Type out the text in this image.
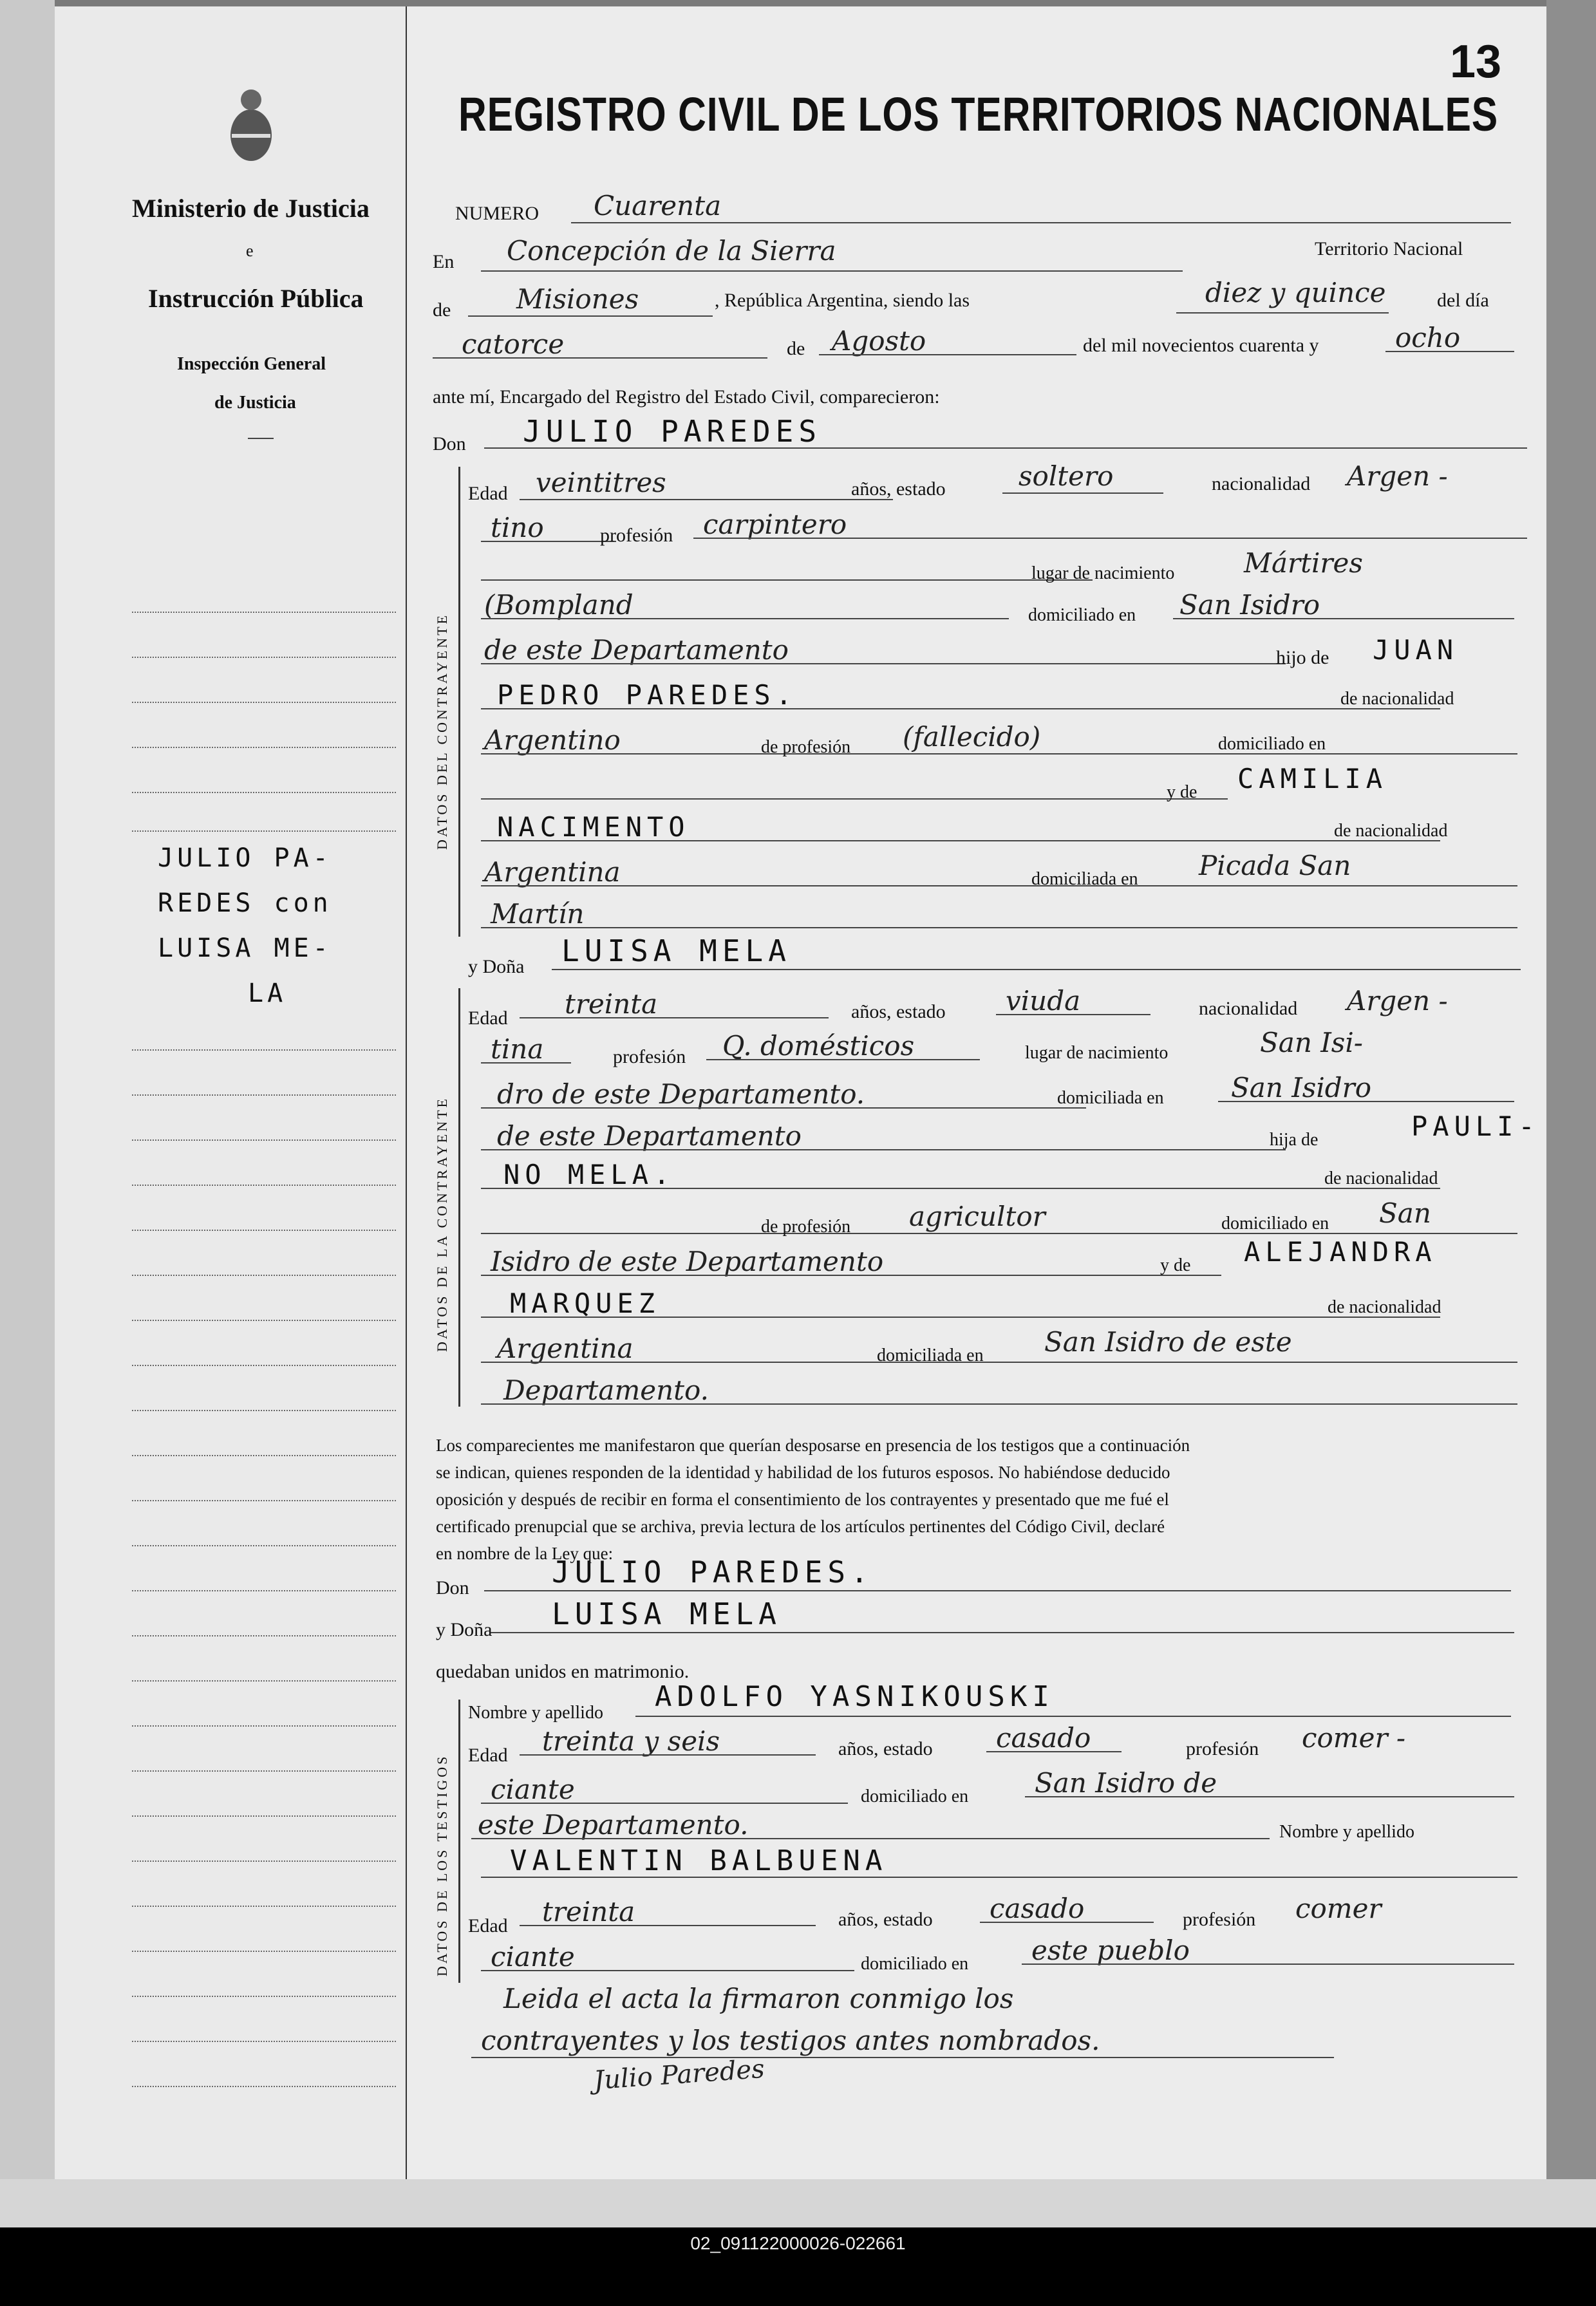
Ministerio de Justicia
e
Instrucción Pública
Inspección General
de Justicia
JULIO PA-
REDES con
LUISA ME-
LA
13
REGISTRO CIVIL DE LOS TERRITORIOS NACIONALES
NUMERO Cuarenta
En Concepción de la Sierra	Territorio Nacional
de Misiones	, República Argentina, siendo las	diez y quince	del día
catorce	de Agosto	del mil novecientos cuarenta y	ocho
ante mí, Encargado del Registro del Estado Civil, comparecieron:
Don JULIO PAREDES
DATOS DEL CONTRAYENTE
Edad veintitres	años, estado	soltero	nacionalidad Argen -
tino	profesión carpintero
lugar de nacimiento	Mártires
(Bompland	domiciliado en San Isidro
de este Departamento	hijo de JUAN
PEDRO PAREDES.	de nacionalidad
Argentino	de profesión (fallecido)	domiciliado en
y de CAMILIA
NACIMENTO	de nacionalidad
Argentina	domiciliada en Picada San
Martín
y Doña LUISA MELA
DATOS DE LA CONTRAYENTE
Edad treinta	años, estado viuda	nacionalidad Argen -
tina	profesión Q. domésticos	lugar de nacimiento	San Isi-
dro de este Departamento.	domiciliada en San Isidro
de este Departamento	hija de	PAULI-
NO MELA.	de nacionalidad
de profesión agricultor	domiciliado en San
Isidro de este Departamento	y de ALEJANDRA
MARQUEZ	de nacionalidad
Argentina	domiciliada en San Isidro de este
Departamento.
Los comparecientes me manifestaron que querían desposarse en presencia de los testigos que a continuación
se indican, quienes responden de la identidad y habilidad de los futuros esposos. No habiéndose deducido
oposición y después de recibir en forma el consentimiento de los contrayentes y presentado que me fué el
certificado prenupcial que se archiva, previa lectura de los artículos pertinentes del Código Civil, declaré
en nombre de la Ley que:
Don	JULIO PAREDES.
y Doña LUISA MELA
quedaban unidos en matrimonio.
DATOS DE LOS TESTIGOS
Nombre y apellido ADOLFO YASNIKOUSKI
Edad treinta y seis	años, estado casado	profesión comer -
ciante	domiciliado en San Isidro de
este Departamento.	Nombre y apellido
VALENTIN BALBUENA
Edad treinta	años, estado casado	profesión comer
ciante	domiciliado en este pueblo
Leida el acta la firmaron conmigo los
contrayentes y los testigos antes nombrados.
Julio Paredes
02_091122000026-022661
